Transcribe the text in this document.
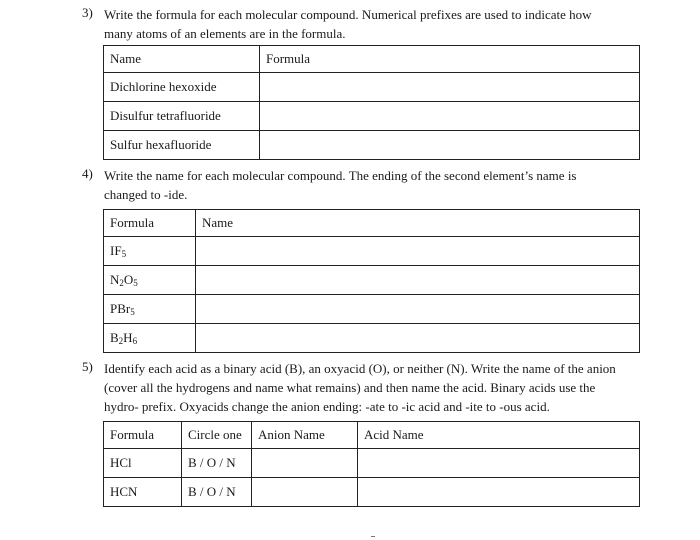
3) Write the formula for each molecular compound. Numerical prefixes are used to indicate how
many atoms of an elements are in the formula.
Name	Formula
Dichlorine hexoxide	
Disulfur tetrafluoride	
Sulfur hexafluoride	
4) Write the name for each molecular compound. The ending of the second element’s name is
changed to -ide.
Formula	Name
$IF_5$	
$N_2O_5$	
PBr$_5$	
$B_2H_6$	
5) Identify each acid as a binary acid (B), an oxyacid (O), or neither (N). Write the name of the anion
(cover all the hydrogens and name what remains) and then name the acid. Binary acids use the
hydro- prefix. Oxyacids change the anion ending: -ate to -ic acid and -ite to -ous acid.
Formula	Circle one	Anion Name	Acid Name
HCl	B / O / N		
HCN	B / O / N		
